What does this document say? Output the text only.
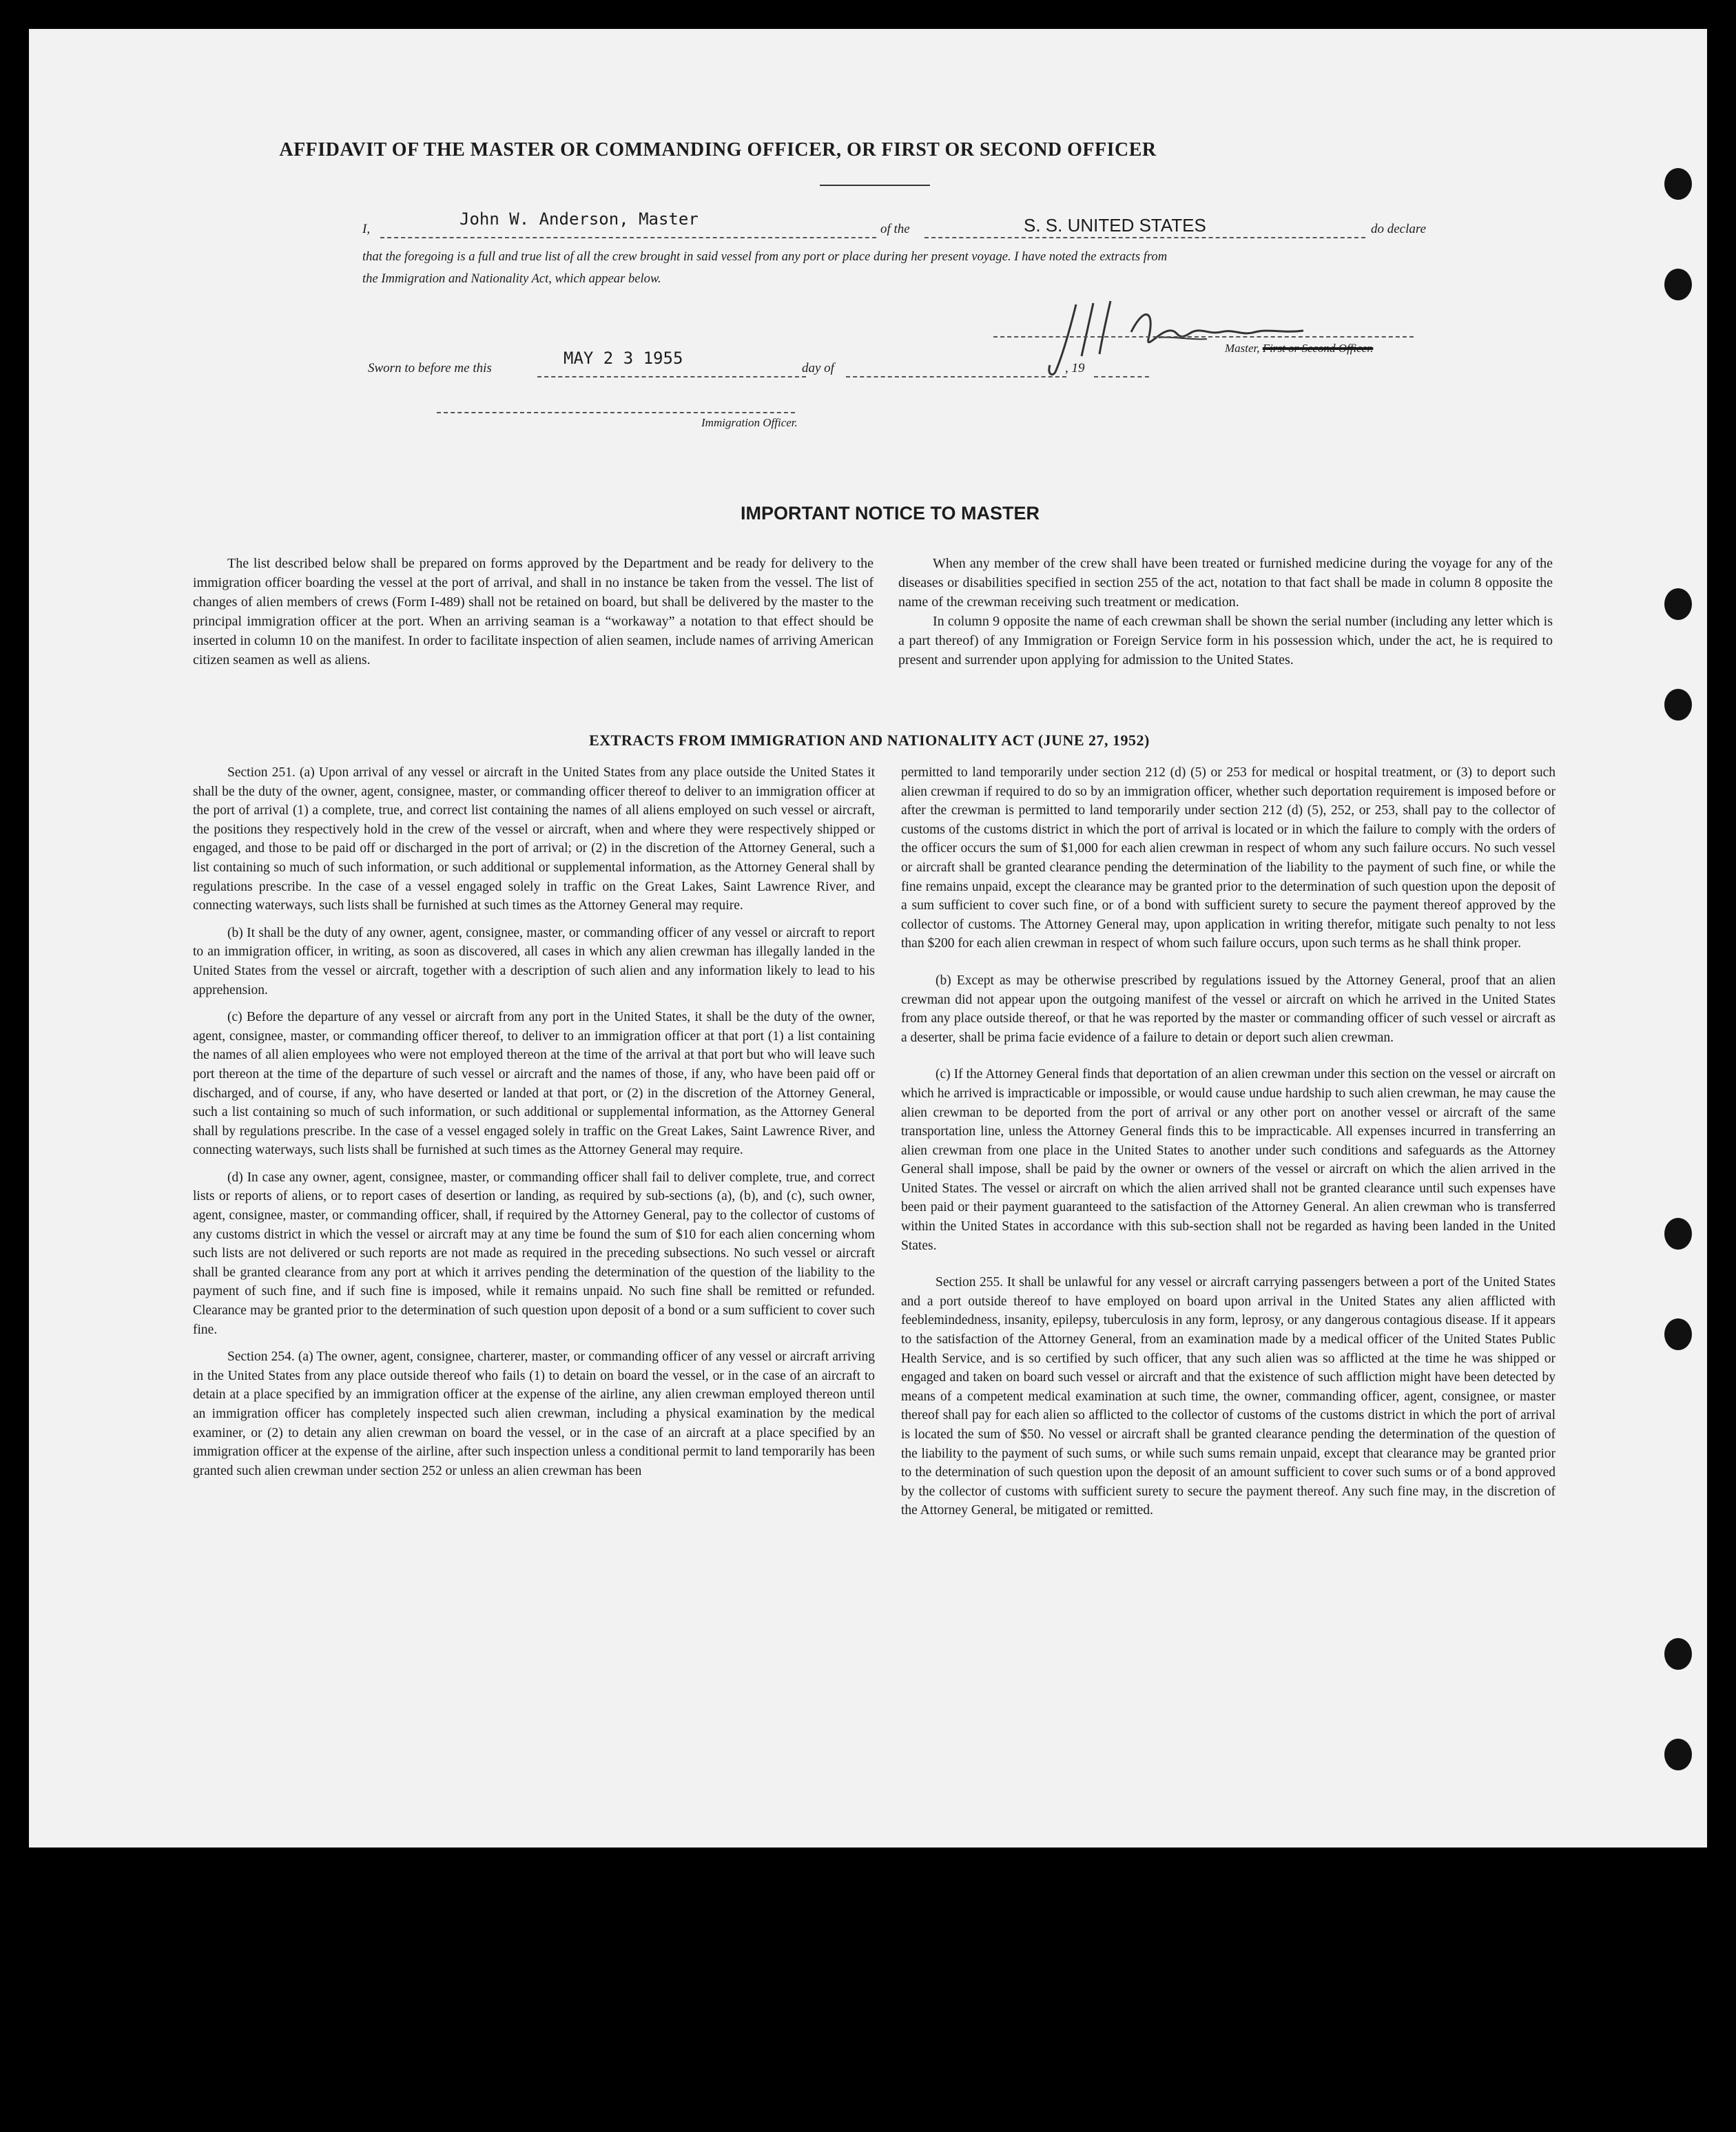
AFFIDAVIT OF THE MASTER OR COMMANDING OFFICER, OR FIRST OR SECOND OFFICER
I,
John W. Anderson, Master
of the	S. S. UNITED STATES	do declare
that the foregoing is a full and true list of all the crew brought in said vessel from any port or place during her present voyage. I have noted the extracts from
the Immigration and Nationality Act, which appear below.
Master, First or Second Officer.
Sworn to before me this
MAY 2 3 1955
day of	, 19
Immigration Officer.
IMPORTANT NOTICE TO MASTER

The list described below shall be prepared on forms approved by the Department and be ready for delivery to the immigration officer boarding the vessel at the port of arrival, and shall in no instance be taken from the vessel. The list of changes of alien members of crews (Form I-489) shall not be retained on board, but shall be delivered by the master to the principal immigration officer at the port. When an arriving seaman is a “workaway” a notation to that effect should be inserted in column 10 on the manifest. In order to facilitate inspection of alien seamen, include names of arriving American citizen seamen as well as aliens.

When any member of the crew shall have been treated or furnished medicine during the voyage for any of the diseases or disabilities specified in section 255 of the act, notation to that fact shall be made in column 8 opposite the name of the crewman receiving such treatment or medication.

In column 9 opposite the name of each crewman shall be shown the serial number (including any letter which is a part thereof) of any Immigration or Foreign Service form in his possession which, under the act, he is required to present and surrender upon applying for admission to the United States.

EXTRACTS FROM IMMIGRATION AND NATIONALITY ACT (JUNE 27, 1952)

Section 251. (a) Upon arrival of any vessel or aircraft in the United States from any place outside the United States it shall be the duty of the owner, agent, consignee, master, or commanding officer thereof to deliver to an immigration officer at the port of arrival (1) a complete, true, and correct list containing the names of all aliens employed on such vessel or aircraft, the positions they respectively hold in the crew of the vessel or aircraft, when and where they were respectively shipped or engaged, and those to be paid off or discharged in the port of arrival; or (2) in the discretion of the Attorney General, such a list containing so much of such information, or such additional or supplemental information, as the Attorney General shall by regulations prescribe. In the case of a vessel engaged solely in traffic on the Great Lakes, Saint Lawrence River, and connecting waterways, such lists shall be furnished at such times as the Attorney General may require.

(b) It shall be the duty of any owner, agent, consignee, master, or commanding officer of any vessel or aircraft to report to an immigration officer, in writing, as soon as discovered, all cases in which any alien crewman has illegally landed in the United States from the vessel or aircraft, together with a description of such alien and any information likely to lead to his apprehension.

(c) Before the departure of any vessel or aircraft from any port in the United States, it shall be the duty of the owner, agent, consignee, master, or commanding officer thereof, to deliver to an immigration officer at that port (1) a list containing the names of all alien employees who were not employed thereon at the time of the arrival at that port but who will leave such port thereon at the time of the departure of such vessel or aircraft and the names of those, if any, who have been paid off or discharged, and of course, if any, who have deserted or landed at that port, or (2) in the discretion of the Attorney General, such a list containing so much of such information, or such additional or supplemental information, as the Attorney General shall by regulations prescribe. In the case of a vessel engaged solely in traffic on the Great Lakes, Saint Lawrence River, and connecting waterways, such lists shall be furnished at such times as the Attorney General may require.

(d) In case any owner, agent, consignee, master, or commanding officer shall fail to deliver complete, true, and correct lists or reports of aliens, or to report cases of desertion or landing, as required by sub-sections (a), (b), and (c), such owner, agent, consignee, master, or commanding officer, shall, if required by the Attorney General, pay to the collector of customs of any customs district in which the vessel or aircraft may at any time be found the sum of $10 for each alien concerning whom such lists are not delivered or such reports are not made as required in the preceding subsections. No such vessel or aircraft shall be granted clearance from any port at which it arrives pending the determination of the question of the liability to the payment of such fine, and if such fine is imposed, while it remains unpaid. No such fine shall be remitted or refunded. Clearance may be granted prior to the determination of such question upon deposit of a bond or a sum sufficient to cover such fine.

Section 254. (a) The owner, agent, consignee, charterer, master, or commanding officer of any vessel or aircraft arriving in the United States from any place outside thereof who fails (1) to detain on board the vessel, or in the case of an aircraft to detain at a place specified by an immigration officer at the expense of the airline, any alien crewman employed thereon until an immigration officer has completely inspected such alien crewman, including a physical examination by the medical examiner, or (2) to detain any alien crewman on board the vessel, or in the case of an aircraft at a place specified by an immigration officer at the expense of the airline, after such inspection unless a conditional permit to land temporarily has been granted such alien crewman under section 252 or unless an alien crewman has been

permitted to land temporarily under section 212 (d) (5) or 253 for medical or hospital treatment, or (3) to deport such alien crewman if required to do so by an immigration officer, whether such deportation requirement is imposed before or after the crewman is permitted to land temporarily under section 212 (d) (5), 252, or 253, shall pay to the collector of customs of the customs district in which the port of arrival is located or in which the failure to comply with the orders of the officer occurs the sum of $1,000 for each alien crewman in respect of whom any such failure occurs. No such vessel or aircraft shall be granted clearance pending the determination of the liability to the payment of such fine, or while the fine remains unpaid, except the clearance may be granted prior to the determination of such question upon the deposit of a sum sufficient to cover such fine, or of a bond with sufficient surety to secure the payment thereof approved by the collector of customs. The Attorney General may, upon application in writing therefor, mitigate such penalty to not less than $200 for each alien crewman in respect of whom such failure occurs, upon such terms as he shall think proper.

(b) Except as may be otherwise prescribed by regulations issued by the Attorney General, proof that an alien crewman did not appear upon the outgoing manifest of the vessel or aircraft on which he arrived in the United States from any place outside thereof, or that he was reported by the master or commanding officer of such vessel or aircraft as a deserter, shall be prima facie evidence of a failure to detain or deport such alien crewman.

(c) If the Attorney General finds that deportation of an alien crewman under this section on the vessel or aircraft on which he arrived is impracticable or impossible, or would cause undue hardship to such alien crewman, he may cause the alien crewman to be deported from the port of arrival or any other port on another vessel or aircraft of the same transportation line, unless the Attorney General finds this to be impracticable. All expenses incurred in transferring an alien crewman from one place in the United States to another under such conditions and safeguards as the Attorney General shall impose, shall be paid by the owner or owners of the vessel or aircraft on which the alien arrived in the United States. The vessel or aircraft on which the alien arrived shall not be granted clearance until such expenses have been paid or their payment guaranteed to the satisfaction of the Attorney General. An alien crewman who is transferred within the United States in accordance with this sub-section shall not be regarded as having been landed in the United States.

Section 255. It shall be unlawful for any vessel or aircraft carrying passengers between a port of the United States and a port outside thereof to have employed on board upon arrival in the United States any alien afflicted with feeblemindedness, insanity, epilepsy, tuberculosis in any form, leprosy, or any dangerous contagious disease. If it appears to the satisfaction of the Attorney General, from an examination made by a medical officer of the United States Public Health Service, and is so certified by such officer, that any such alien was so afflicted at the time he was shipped or engaged and taken on board such vessel or aircraft and that the existence of such affliction might have been detected by means of a competent medical examination at such time, the owner, commanding officer, agent, consignee, or master thereof shall pay for each alien so afflicted to the collector of customs of the customs district in which the port of arrival is located the sum of $50. No vessel or aircraft shall be granted clearance pending the determination of the question of the liability to the payment of such sums, or while such sums remain unpaid, except that clearance may be granted prior to the determination of such question upon the deposit of an amount sufficient to cover such sums or of a bond approved by the collector of customs with sufficient surety to secure the payment thereof. Any such fine may, in the discretion of the Attorney General, be mitigated or remitted.
